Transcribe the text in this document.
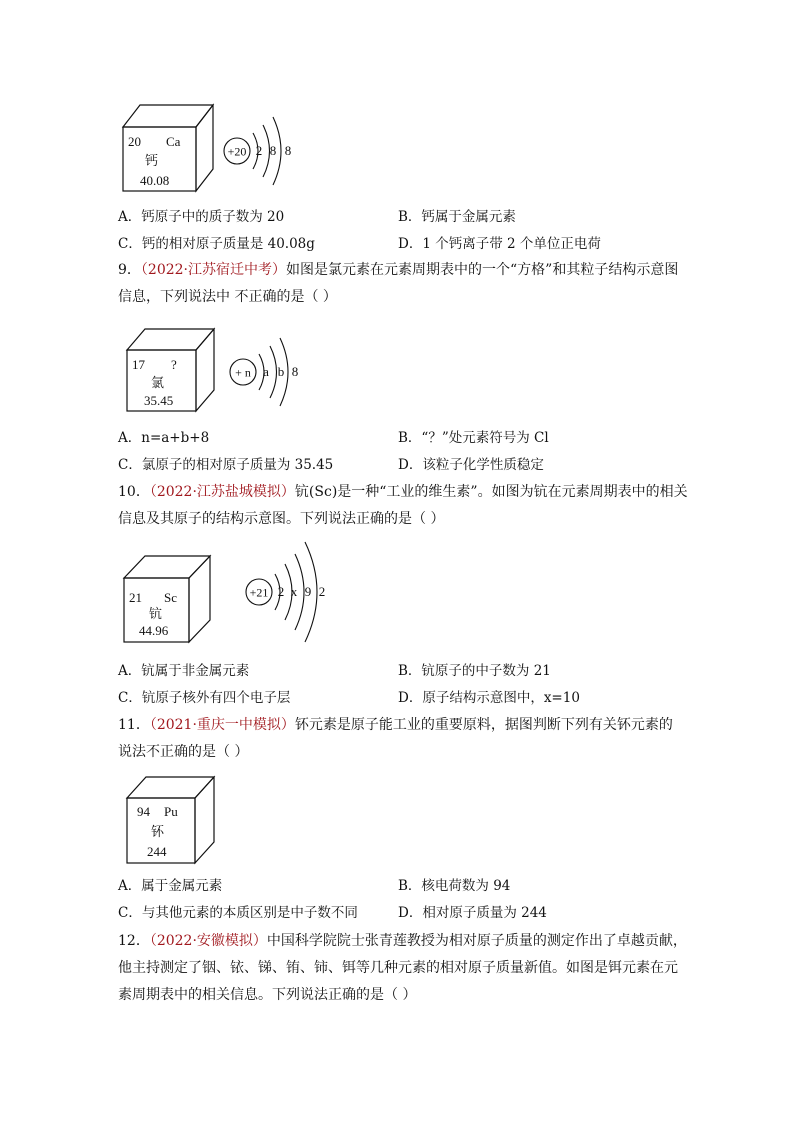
20 Ca
钙
40.08
+20 2 8 8
A．钙原子中的质子数为 20	B．钙属于金属元素
C．钙的相对原子质量是 40.08g	D．1 个钙离子带 2 个单位正电荷
9．（2022·江苏宿迁中考）如图是氯元素在元素周期表中的一个“方格”和其粒子结构示意图
信息，下列说法中 不正确的是（ ）
17 ?
氯
35.45
+ n a b 8
A．n=a+b+8	B．“？”处元素符号为 Cl
C．氯原子的相对原子质量为 35.45	D．该粒子化学性质稳定
10．（2022·江苏盐城模拟）钪(Sc)是一种“工业的维生素”。如图为钪在元素周期表中的相关
信息及其原子的结构示意图。下列说法正确的是（ ）
21 Sc
钪
44.96
+21 2 x 9 2
A．钪属于非金属元素	B．钪原子的中子数为 21
C．钪原子核外有四个电子层	D．原子结构示意图中，x=10
11．（2021·重庆一中模拟）钚元素是原子能工业的重要原料，据图判断下列有关钚元素的
说法不正确的是（ ）
94 Pu
钚
244
A．属于金属元素	B．核电荷数为 94
C．与其他元素的本质区别是中子数不同	D．相对原子质量为 244
12．（2022·安徽模拟）中国科学院院士张青莲教授为相对原子质量的测定作出了卓越贡献，
他主持测定了铟、铱、锑、铕、铈、铒等几种元素的相对原子质量新值。如图是铒元素在元
素周期表中的相关信息。下列说法正确的是（ ）
